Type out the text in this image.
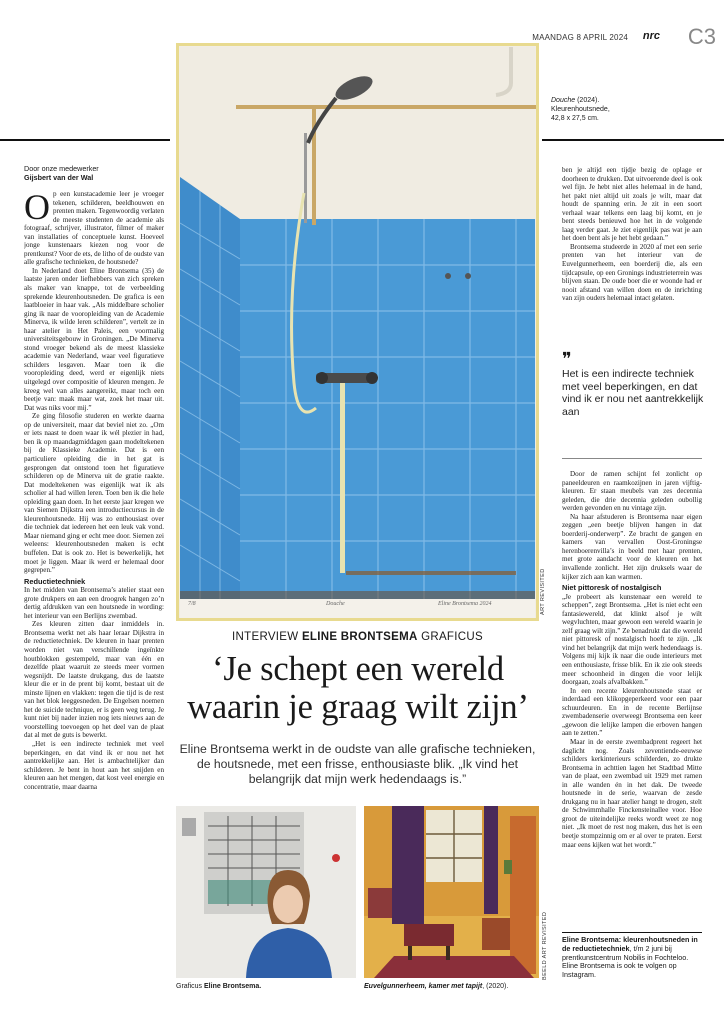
MAANDAG 8 APRIL 2024 nrc C3
Douche (2024).
Kleurenhoutsnede,
42,8 x 27,5 cm.
7/8	Douche	Eline Brontsema 2024	ART REVISITED
Door onze medewerker
Gijsbert van der Wal

Op een kunstacademie leer je vroeger tekenen, schilderen, beeldhouwen en prenten maken. Tegenwoordig verlaten de meeste studenten de academie als fotograaf, schrijver, illustrator, filmer of maker van installaties of conceptuele kunst. Hoeveel jonge kunstenaars kiezen nog voor de prentkunst? Voor de ets, de litho of de oudste van alle grafische technieken, de houtsnede?

In Nederland doet Eline Brontsema (35) de laatste jaren onder liefhebbers van zich spreken als maker van knappe, tot de verbeelding sprekende kleurenhoutsneden. De grafica is een laatbloeier in haar vak. „Als middelbare scholier ging ik naar de vooropleiding van de Academie Minerva, ik wilde leren schilderen”, vertelt ze in haar atelier in Het Paleis, een voormalig universiteitsgebouw in Groningen. „De Minerva stond vroeger bekend als de meest klassieke academie van Nederland, waar veel figuratieve schilders lesgaven. Maar toen ik die vooropleiding deed, werd er eigenlijk niets uitgelegd over compositie of kleuren mengen. Je kreeg wel van alles aangereikt, maar toch een beetje van: maak maar wat, zoek het maar uit. Dat was niks voor mij.”

Ze ging filosofie studeren en werkte daarna op de universiteit, maar dat beviel niet zo. „Om er iets naast te doen waar ik wél plezier in had, ben ik op maandagmiddagen gaan modeltekenen bij de Klassieke Academie. Dat is een particuliere opleiding die in het gat is gesprongen dat ontstond toen het figuratieve schilderen op de Minerva uit de gratie raakte. Dat modeltekenen was eigenlijk wat ik als scholier al had willen leren. Toen ben ik die hele opleiding gaan doen. In het eerste jaar kregen we van Siemen Dijkstra een introductiecursus in de kleurenhoutsnede. Hij was zo enthousiast over die techniek dat iedereen het een leuk vak vond. Maar niemand ging er echt mee door. Siemen zei weleens: kleurenhoutsneden maken is echt buffelen. Dat is ook zo. Het is bewerkelijk, het moet je liggen. Maar ik werd er helemaal door gegrepen.”

Reductietechniek

In het midden van Brontsema’s atelier staat een grote drukpers en aan een droogrek hangen zo’n dertig afdrukken van een houtsnede in wording: het interieur van een Berlijns zwembad.

Zes kleuren zitten daar inmiddels in. Brontsema werkt net als haar leraar Dijkstra in de reductietechniek. De kleuren in haar prenten worden niet van verschillende ingeïnkte houtblokken gestempeld, maar van één en dezelfde plaat waaruit ze steeds meer vormen wegsnijdt. De laatste drukgang, dus de laatste kleur die er in de prent bij komt, bestaat uit de minste lijnen en vlakken: tegen die tijd is de rest van het blok leeggesneden. De Engelsen noemen het de suicide technique, er is geen weg terug. Je kunt niet bij nader inzien nog iets nieuws aan de voorstelling toevoegen op het deel van de plaat dat al met de guts is bewerkt.

„Het is een indirecte techniek met veel beperkingen, en dat vind ik er nou net het aantrekkelijke aan. Het is ambachtelijker dan schilderen. Je bent in hout aan het snijden en kleuren aan het mengen, dat kost veel energie en concentratie, maar daarna

INTERVIEW ELINE BRONTSEMA GRAFICUS
‘Je schept een wereld
waarin je graag wilt zijn’
Eline Brontsema werkt in de oudste van alle grafische technieken,
de houtsnede, met een frisse, enthousiaste blik. „Ik vind het
belangrijk dat mijn werk hedendaags is.”
Graficus Eline Brontsema.
BEELD ART REVISITED
Euvelgunnerheem, kamer met tapijt, (2020).

ben je altijd een tijdje bezig de oplage er doorheen te drukken. Dat uitvoerende deel is ook wel fijn. Je hebt niet alles helemaal in de hand, het pakt niet altijd uit zoals je wilt, maar dat houdt de spanning erin. Je zit in een soort verhaal waar telkens een laag bij komt, en je bent steeds benieuwd hoe het in de volgende laag verder gaat. Je ziet eigenlijk pas wat je aan het doen bent als je het hebt gedaan.”

Brontsema studeerde in 2020 af met een serie prenten van het interieur van de Euvelgunnerheem, een boerderij die, als een tijdcapsule, op een Gronings industrieterrein was blijven staan. De oude boer die er woonde had er nooit afstand van willen doen en de inrichting van zijn ouders helemaal intact gelaten.

❞
Het is een indirecte techniek met veel beperkingen, en dat vind ik er nou net aantrekkelijk aan

Door de ramen schijnt fel zonlicht op paneeldeuren en raamkozijnen in jaren vijftig-kleuren. Er staan meubels van zes decennia geleden, die drie decennia geleden oubollig werden gevonden en nu vintage zijn.

Na haar afstuderen is Brontsema naar eigen zeggen „een beetje blijven hangen in dat boerderij-onderwerp”. Ze bracht de gangen en kamers van vervallen Oost-Groningse herenboerenvilla’s in beeld met haar prenten, met grote aandacht voor de kleuren en het invallende zonlicht. Het zijn druksels waar de kijker zich aan kan warmen.

Niet pittoresk of nostalgisch

„Je probeert als kunstenaar een wereld te scheppen”, zegt Brontsema. „Het is niet echt een fantasiewereld, dat klinkt alsof je wilt wegvluchten, maar gewoon een wereld waarin je zelf graag wilt zijn.” Ze benadrukt dat die wereld niet pittoresk of nostalgisch hoeft te zijn. „Ik vind het belangrijk dat mijn werk hedendaags is. Volgens mij kijk ik naar die oude interieurs met een enthousiaste, frisse blik. En ik zie ook steeds meer schoonheid in dingen die voor lelijk doorgaan, zoals afvalbakken.”

In een recente kleurenhoutsnede staat er inderdaad een klikopgeperkeerd voor een paar schuurdeuren. En in de recente Berlijnse zwembadenserie overweegt Brontsema een keer „gewoon die lelijke lampen die erboven hangen aan te zetten.”

Maar in de eerste zwembadprent regeert het daglicht nog. Zoals zeventiende-eeuwse schilders kerkinterieurs schilderden, zo drukte Brontsema in achttien lagen het Stadtbad Mitte van de plaat, een zwembad uit 1929 met ramen in alle wanden én in het dak. De tweede houtsnede in de serie, waarvan de zesde drukgang nu in haar atelier hangt te drogen, stelt de Schwimmhalle Finckensteinallee voor. Hoe groot de uiteindelijke reeks wordt weet ze nog niet. „Ik moet de rest nog maken, dus het is een beetje stompzinnig om er al over te praten. Eerst maar eens kijken wat het wordt.”

Eline Brontsema: kleurenhoutsneden in de reductietechniek, t/m 2 juni bij prentkunstcentrum Nobilis in Fochteloo. Eline Brontsema is ook te volgen op Instagram.
